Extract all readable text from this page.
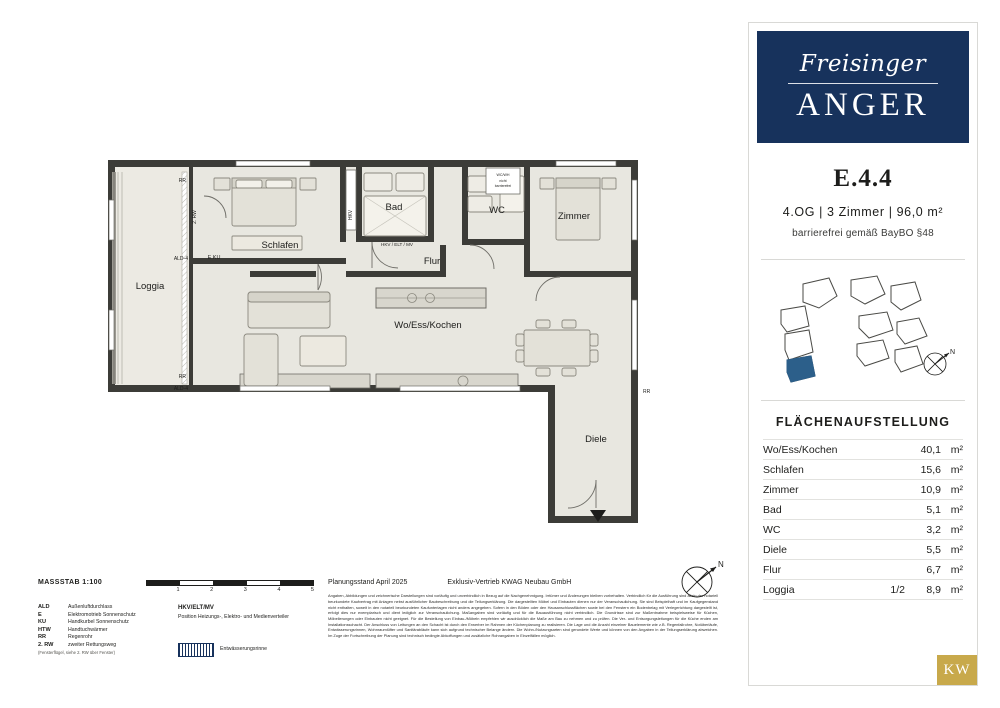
Schlafen
Bad	WC
Zimmer
Flur
Wo/Ess/Kochen
Loggia
Diele
HKV / ELT / MV
HKV
WC/WH
nicht
barrierefrei
RR
ALD-4
RR
ALD-4	RR
2. RW
E KU
N
MASSSTAB 1:100
1	2	3	4	5
ALD	Außenluftdurchlass
E	Elektromotrieb Sonnenschutz
KU	Handkurbel Sonnenschutz
HTW	Handtuchwärmer
RR	Regenrohr
2. RW	zweiter Rettungsweg
(Fensterflügel, siehe 2. RW über Fenster)
HKV/ELT/MV
Position Heizungs-, Elektro- und Medienverteiler
Entwässerungsrinne
Planungsstand April 2025	Exklusiv-Vertrieb KWAG Neubau GmbH
Angaben, Abbildungen und zeichnerische Darstellungen sind vorläufig und unverbindlich in Bezug auf die Nachgenehmigung. Irrtümer und Änderungen bleiben vorbehalten. Verbindlich für die Ausführung sind allein der notariell beurkundete Kaufvertrag mit Anlagen nebst ausführlicher Baubeschreibung und die Teilungserklärung. Die dargestellten Möbel und Einbauten dienen nur der Veranschaulichung. Sie sind Beispielhaft und im Kaufgegenstand nicht enthalten, soweit in den notariell beurkundeten Kaufunterlagen nicht anders angegeben. Sofern in den Böden oder den Hausanschlussflächen sowie bei den Fenstern ein Bodenbelag mit Verlegerichtung dargestellt ist, erfolgt dies nur exemplarisch und dient lediglich zur Veranschaulichung. Maßangaben sind vorläufig und für die Bauausführung nicht verbindlich. Die Grundrisse sind zur Maßentnahme beispielsweise für Küchen, Möbelierungen oder Einbauten nicht geeignet. Für die Bestellung von Einbau-/Möbeln empfehlen wir ausdrücklich die Maße am Bau zu nehmen und zu prüfen. Die Ver- und Entsorgungsleitungen für die Küche enden am Installationsschacht. Der Anschluss von Leitungen an den Schacht ist durch den Erwerber im Rahmen der Küchenplanung zu realisieren. Die Lage und die Anzahl einzelner Bauelemente wie z.B. Regenfallrohre, Notüberläufe, Entwässerungsrinnen, Wohnraumlüfter und Sanitärabläufe kann sich aufgrund technischer Belange ändern. Die Wohn-/Nutzungsarten sind gerundete Werte und können von den Angaben in der Teilungserklärung abweichen. Im Zuge der Fortschreibung der Planung sind technisch bedingte Abkoffungen und zusätzliche Rohrangaben in Einzelfällen möglich.
Freisinger
ANGER
E.4.4
4.OG | 3 Zimmer | 96,0 m²
barrierefrei gemäß BayBO §48
N
FLÄCHENAUFSTELLUNG
Wo/Ess/Kochen	40,1 m²
Schlafen	15,6 m²
Zimmer	10,9 m²
Bad	5,1 m²
WC	3,2 m²
Diele	5,5 m²
Flur	6,7 m²
Loggia	1/2	8,9 m²
KW
